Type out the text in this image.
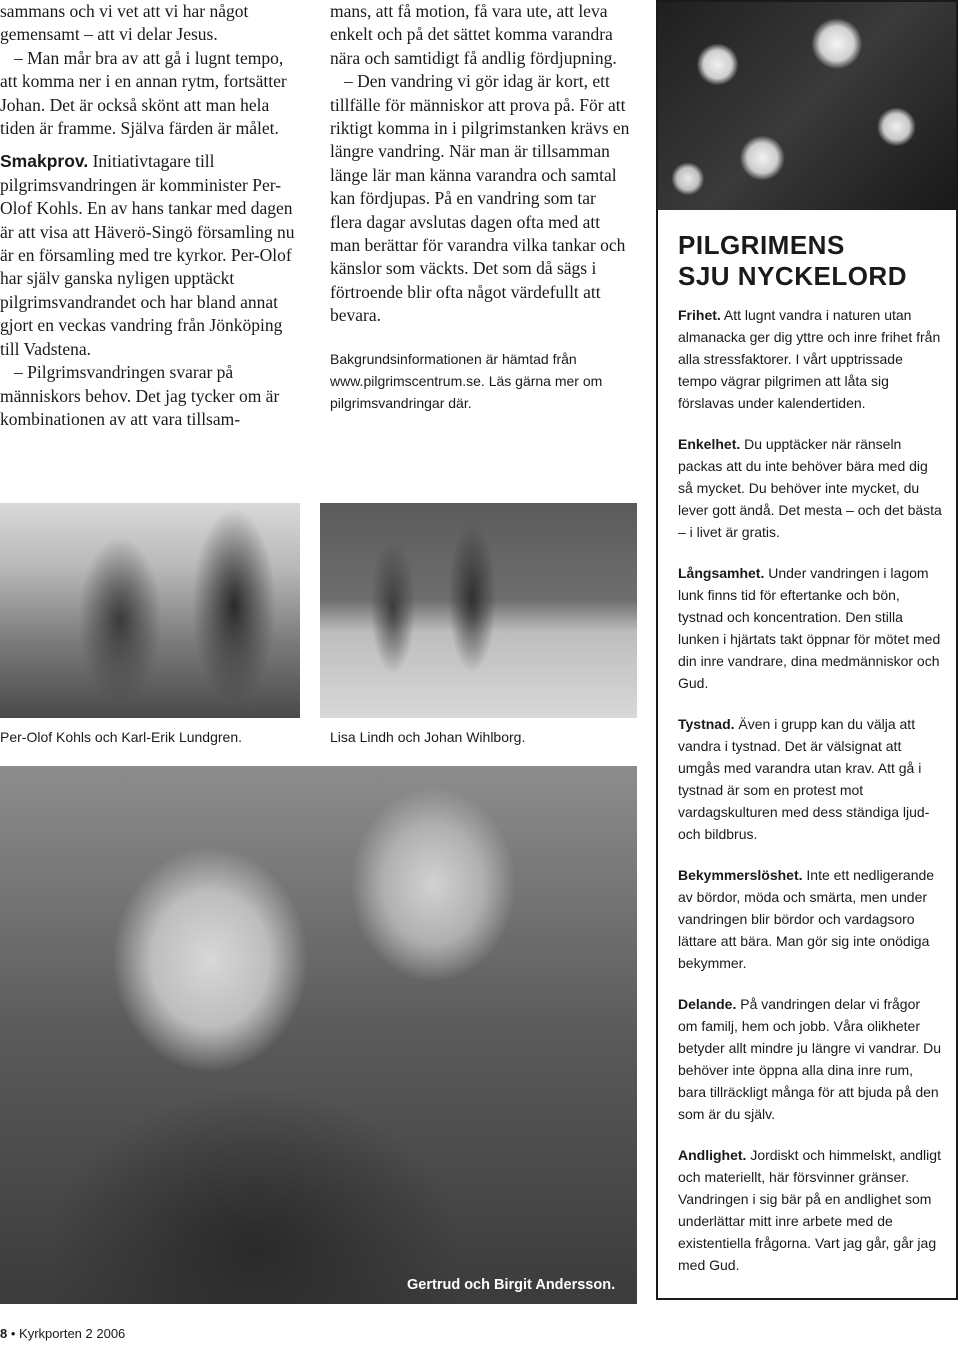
sammans och vi vet att vi har något gemensamt – att vi delar Jesus.

– Man mår bra av att gå i lugnt tempo, att komma ner i en annan rytm, fortsätter Johan. Det är också skönt att man hela tiden är framme. Själva färden är målet.

Smakprov. Initiativtagare till pilgrimsvandringen är komminister Per-Olof Kohls. En av hans tankar med dagen är att visa att Häverö-Singö församling nu är en församling med tre kyrkor. Per-Olof har själv ganska nyligen upptäckt pilgrimsvandrandet och har bland annat gjort en veckas vandring från Jönköping till Vadstena.

– Pilgrimsvandringen svarar på människors behov. Det jag tycker om är kombinationen av att vara tillsam-

mans, att få motion, få vara ute, att leva enkelt och på det sättet komma varandra nära och samtidigt få andlig fördjupning.

– Den vandring vi gör idag är kort, ett tillfälle för människor att prova på. För att riktigt komma in i pilgrimstanken krävs en längre vandring. När man är tillsamman länge lär man känna varandra och samtal kan fördjupas. På en vandring som tar flera dagar avslutas dagen ofta med att man berättar för varandra vilka tankar och känslor som väckts. Det som då sägs i förtroende blir ofta något värdefullt att bevara.

Bakgrundsinformationen är hämtad från www.pilgrimscentrum.se. Läs gärna mer om pilgrimsvandringar där.

Per-Olof Kohls och Karl-Erik Lundgren.	Lisa Lindh och Johan Wihlborg.
Gertrud och Birgit Andersson.
PILGRIMENS
SJU NYCKELORD

Frihet. Att lugnt vandra i naturen utan almanacka ger dig yttre och inre frihet från alla stressfaktorer. I vårt upptrissade tempo vägrar pilgrimen att låta sig förslavas under kalendertiden.

Enkelhet. Du upptäcker när ränseln packas att du inte behöver bära med dig så mycket. Du behöver inte mycket, du lever gott ändå. Det mesta – och det bästa – i livet är gratis.

Långsamhet. Under vandringen i lagom lunk finns tid för eftertanke och bön, tystnad och koncentration. Den stilla lunken i hjärtats takt öppnar för mötet med din inre vandrare, dina medmänniskor och Gud.

Tystnad. Även i grupp kan du välja att vandra i tystnad. Det är välsignat att umgås med varandra utan krav. Att gå i tystnad är som en protest mot vardagskulturen med dess ständiga ljud- och bildbrus.

Bekymmerslöshet. Inte ett nedligerande av bördor, möda och smärta, men under vandringen blir bördor och vardagsoro lättare att bära. Man gör sig inte onödiga bekymmer.

Delande. På vandringen delar vi frågor om familj, hem och jobb. Våra olikheter betyder allt mindre ju längre vi vandrar. Du behöver inte öppna alla dina inre rum, bara tillräckligt många för att bjuda på den som är du själv.

Andlighet. Jordiskt och himmelskt, andligt och materiellt, här försvinner gränser. Vandringen i sig bär på en andlighet som underlättar mitt inre arbete med de existentiella frågorna. Vart jag går, går jag med Gud.

8 • Kyrkporten 2 2006
